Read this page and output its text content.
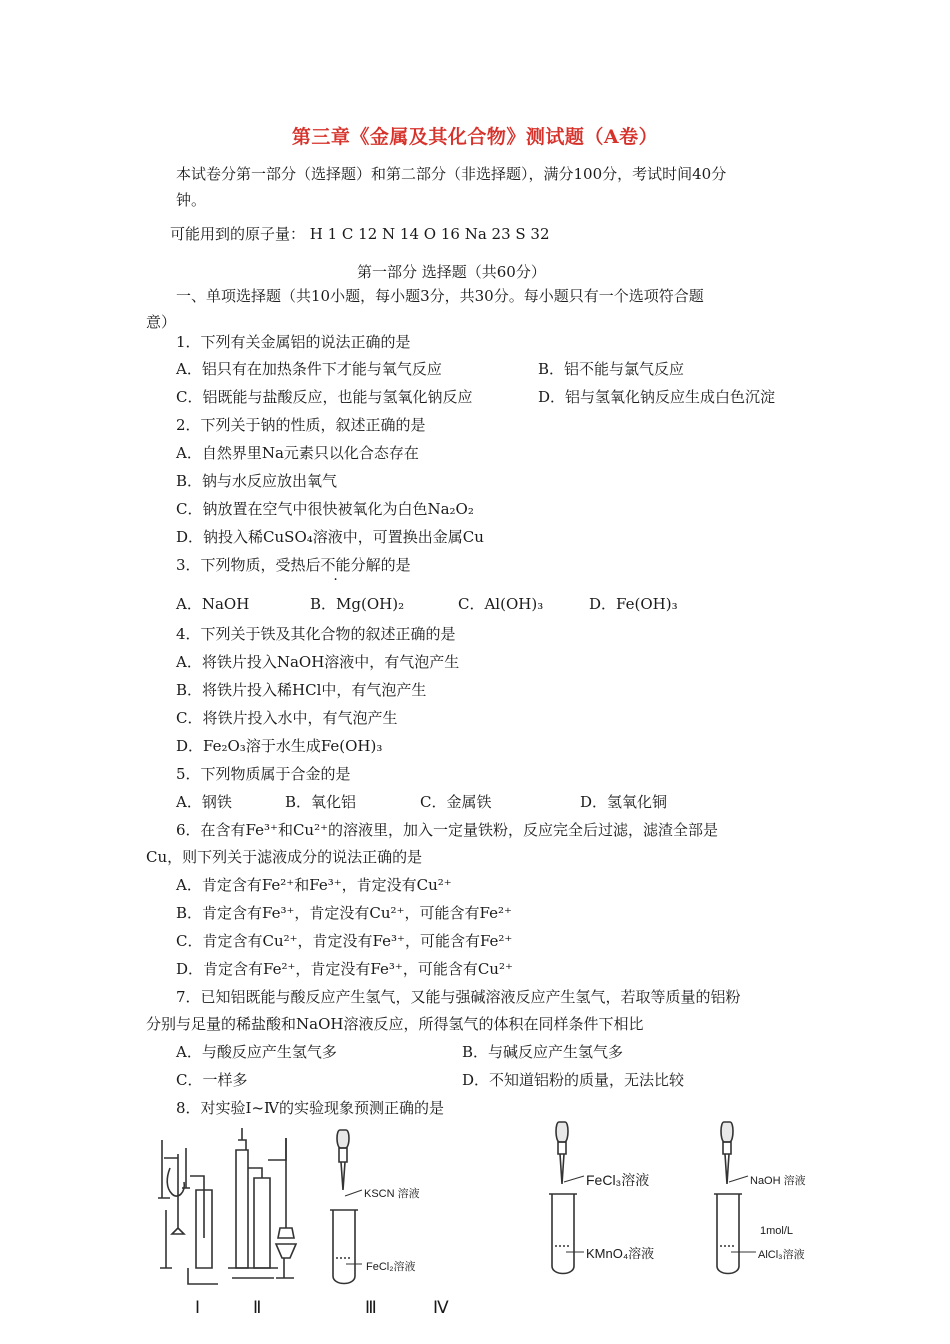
第三章《金属及其化合物》测试题（A卷）
本试卷分第一部分（选择题）和第二部分（非选择题），满分100分，考试时间40分
钟。
可能用到的原子量： H 1 C 12 N 14 O 16 Na 23 S 32
第一部分 选择题（共60分）
一、单项选择题（共10小题，每小题3分，共30分。每小题只有一个选项符合题
意）
1．下列有关金属铝的说法正确的是
A．铝只有在加热条件下才能与氧气反应	B．铝不能与氯气反应
C．铝既能与盐酸反应，也能与氢氧化钠反应	D．铝与氢氧化钠反应生成白色沉淀
2．下列关于钠的性质，叙述正确的是
A．自然界里Na元素只以化合态存在
B．钠与水反应放出氧气
C．钠放置在空气中很快被氧化为白色Na₂O₂
D．钠投入稀CuSO₄溶液中，可置换出金属Cu
3．下列物质，受热后不能分解的是
A．NaOH	B．Mg(OH)₂	C．Al(OH)₃	D．Fe(OH)₃
4．下列关于铁及其化合物的叙述正确的是
A．将铁片投入NaOH溶液中，有气泡产生
B．将铁片投入稀HCl中，有气泡产生
C．将铁片投入水中，有气泡产生
D．Fe₂O₃溶于水生成Fe(OH)₃
5．下列物质属于合金的是
A．钢铁	B．氧化铝	C．金属铁	D．氢氧化铜
6．在含有Fe³⁺和Cu²⁺的溶液里，加入一定量铁粉，反应完全后过滤，滤渣全部是
Cu，则下列关于滤液成分的说法正确的是
A．肯定含有Fe²⁺和Fe³⁺，肯定没有Cu²⁺
B．肯定含有Fe³⁺，肯定没有Cu²⁺，可能含有Fe²⁺
C．肯定含有Cu²⁺，肯定没有Fe³⁺，可能含有Fe²⁺
D．肯定含有Fe²⁺，肯定没有Fe³⁺，可能含有Cu²⁺
7．已知铝既能与酸反应产生氢气，又能与强碱溶液反应产生氢气，若取等质量的铝粉
分别与足量的稀盐酸和NaOH溶液反应，所得氢气的体积在同样条件下相比
A．与酸反应产生氢气多	B．与碱反应产生氢气多
C．一样多	D．不知道铝粉的质量，无法比较
8．对实验Ⅰ~Ⅳ的实验现象预测正确的是
KSCN 溶液
FeCl₂溶液
FeCl₃溶液
KMnO₄溶液
NaOH 溶液
1mol/L
AlCl₃溶液
Ⅰ	Ⅱ	Ⅲ	Ⅳ
